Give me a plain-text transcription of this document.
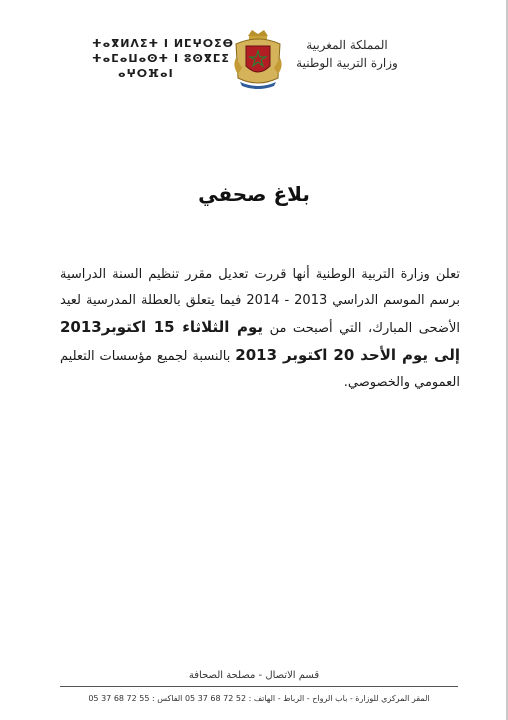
ⵜⴰⴳⵍⴷⵉⵜ ⵏ ⵍⵎⵖⵔⵉⴱ
ⵜⴰⵎⴰⵡⴰⵙⵜ ⵏ ⵓⵙⴳⵎⵉ
ⴰⵖⵔⴼⴰⵏ
المملكة المغربية
وزارة التربية الوطنية
بلاغ صحفي
تعلن وزارة التربية الوطنية أنها قررت تعديل مقرر تنظيم السنة الدراسية برسم الموسم الدراسي 2013 - 2014 فيما يتعلق بالعطلة المدرسية لعيد الأضحى المبارك، التي أصبحت من يوم الثلاثاء 15 اكتوبر2013 إلى يوم الأحد 20 اكتوبر 2013 بالنسبة لجميع مؤسسات التعليم العمومي والخصوصي.
قسم الاتصال - مصلحة الصحافة
المقر المركزي للوزارة - باب الرواح - الرباط - الهاتف : 52 72 68 37 05 الفاكس : 55 72 68 37 05
